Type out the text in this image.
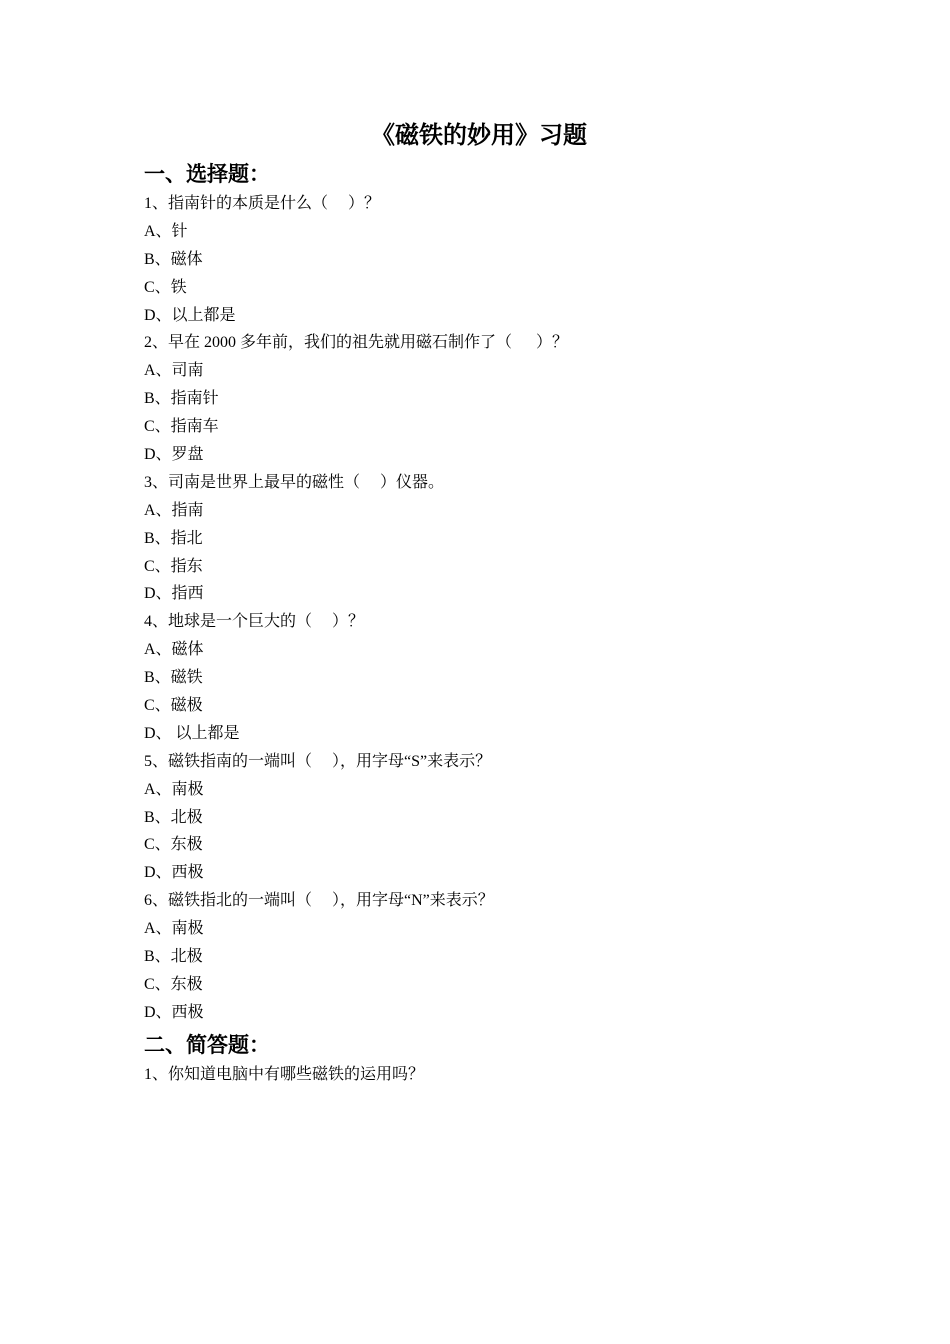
《磁铁的妙用》习题
一、选择题：
1、指南针的本质是什么（     ）？
A、针
B、磁体
C、铁
D、以上都是
2、早在 2000 多年前，我们的祖先就用磁石制作了（      ）？
A、司南
B、指南针
C、指南车
D、罗盘
3、司南是世界上最早的磁性（     ）仪器。
A、指南
B、指北
C、指东
D、指西
4、地球是一个巨大的（     ）？
A、磁体
B、磁铁
C、磁极
D、 以上都是
5、磁铁指南的一端叫（     ），用字母“S”来表示？
A、南极
B、北极
C、东极
D、西极
6、磁铁指北的一端叫（     ），用字母“N”来表示？
A、南极
B、北极
C、东极
D、西极
二、简答题：
1、你知道电脑中有哪些磁铁的运用吗？
